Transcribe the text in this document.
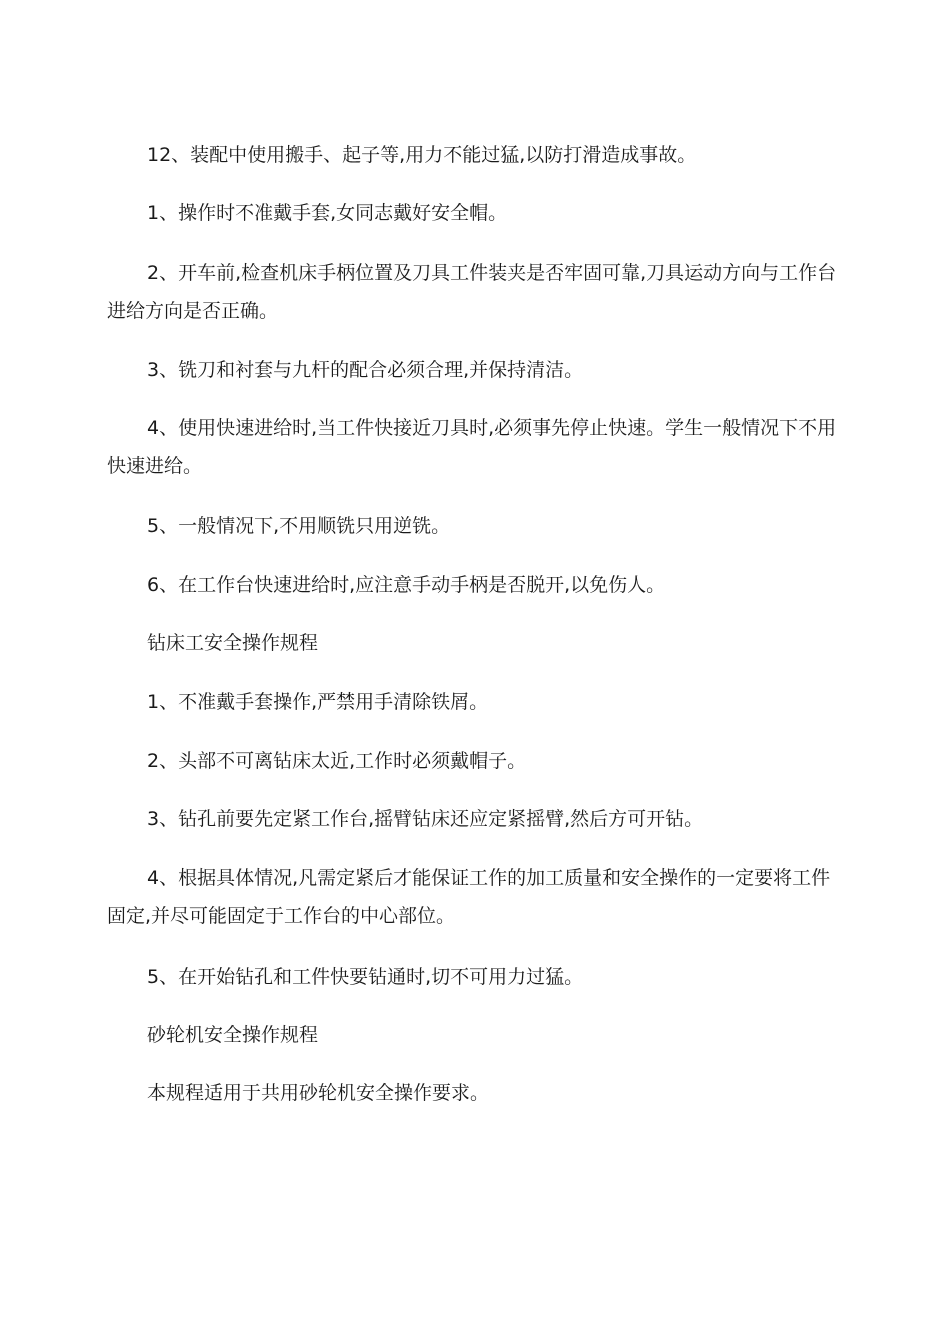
12、装配中使用搬手、起子等,用力不能过猛,以防打滑造成事故。

1、操作时不准戴手套,女同志戴好安全帽。

2、开车前,检查机床手柄位置及刀具工件装夹是否牢固可靠,刀具运动方向与工作台进给方向是否正确。

3、铣刀和衬套与九杆的配合必须合理,并保持清洁。

4、使用快速进给时,当工件快接近刀具时,必须事先停止快速。学生一般情况下不用快速进给。

5、一般情况下,不用顺铣只用逆铣。

6、在工作台快速进给时,应注意手动手柄是否脱开,以免伤人。

钻床工安全操作规程

1、不准戴手套操作,严禁用手清除铁屑。

2、头部不可离钻床太近,工作时必须戴帽子。

3、钻孔前要先定紧工作台,摇臂钻床还应定紧摇臂,然后方可开钻。

4、根据具体情况,凡需定紧后才能保证工作的加工质量和安全操作的一定要将工件固定,并尽可能固定于工作台的中心部位。

5、在开始钻孔和工件快要钻通时,切不可用力过猛。

砂轮机安全操作规程

本规程适用于共用砂轮机安全操作要求。
